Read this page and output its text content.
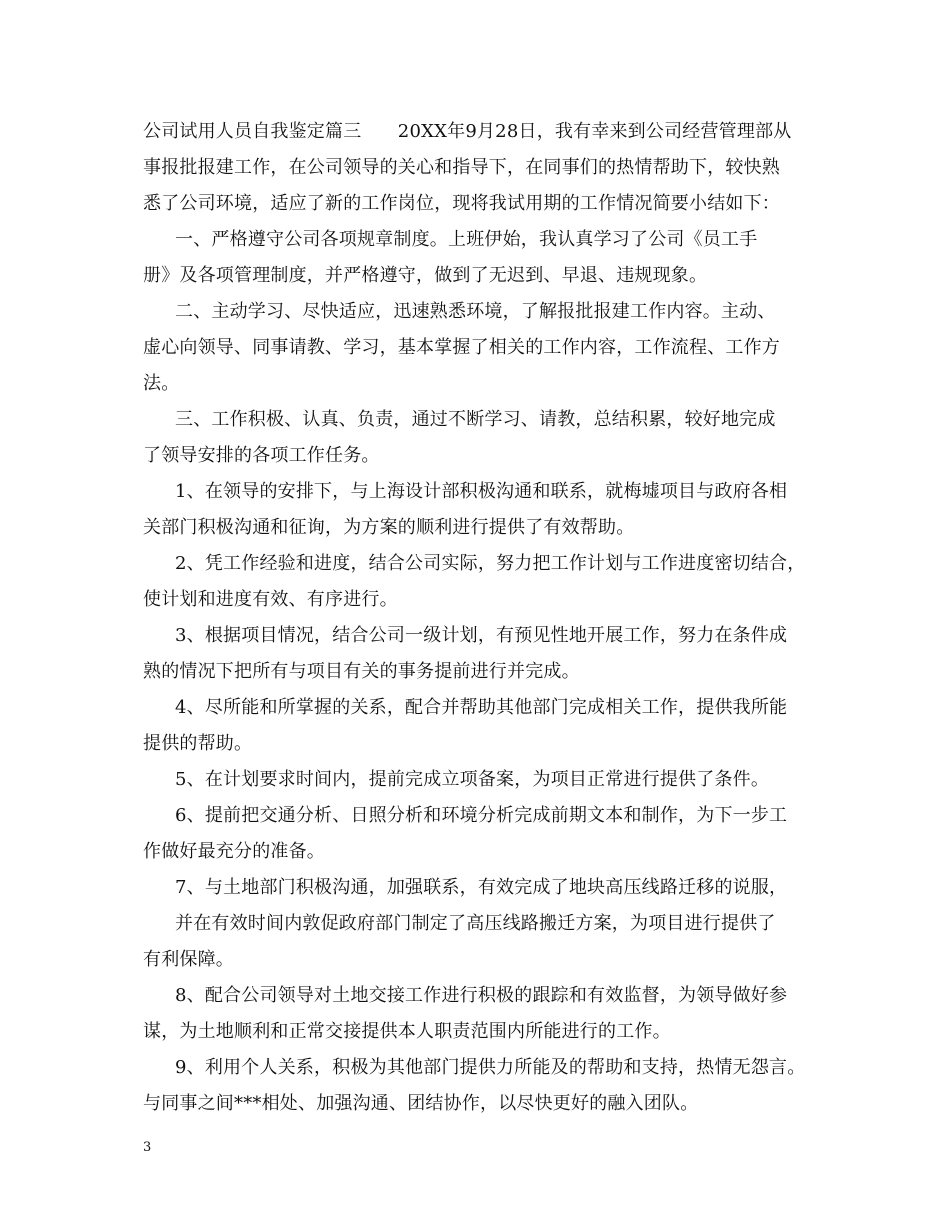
公司试用人员自我鉴定篇三　　20XX年9月28日，我有幸来到公司经营管理部从
事报批报建工作，在公司领导的关心和指导下，在同事们的热情帮助下，较快熟
悉了公司环境，适应了新的工作岗位，现将我试用期的工作情况简要小结如下：
一、严格遵守公司各项规章制度。上班伊始，我认真学习了公司《员工手
册》及各项管理制度，并严格遵守，做到了无迟到、早退、违规现象。
二、主动学习、尽快适应，迅速熟悉环境，了解报批报建工作内容。主动、
虚心向领导、同事请教、学习，基本掌握了相关的工作内容，工作流程、工作方
法。
三、工作积极、认真、负责，通过不断学习、请教，总结积累，较好地完成
了领导安排的各项工作任务。
1、在领导的安排下，与上海设计部积极沟通和联系，就梅墟项目与政府各相
关部门积极沟通和征询，为方案的顺利进行提供了有效帮助。
2、凭工作经验和进度，结合公司实际，努力把工作计划与工作进度密切结合，
使计划和进度有效、有序进行。
3、根据项目情况，结合公司一级计划，有预见性地开展工作，努力在条件成
熟的情况下把所有与项目有关的事务提前进行并完成。
4、尽所能和所掌握的关系，配合并帮助其他部门完成相关工作，提供我所能
提供的帮助。
5、在计划要求时间内，提前完成立项备案，为项目正常进行提供了条件。
6、提前把交通分析、日照分析和环境分析完成前期文本和制作，为下一步工
作做好最充分的准备。
7、与土地部门积极沟通，加强联系，有效完成了地块高压线路迁移的说服，
并在有效时间内敦促政府部门制定了高压线路搬迁方案，为项目进行提供了
有利保障。
8、配合公司领导对土地交接工作进行积极的跟踪和有效监督，为领导做好参
谋，为土地顺利和正常交接提供本人职责范围内所能进行的工作。
9、利用个人关系，积极为其他部门提供力所能及的帮助和支持，热情无怨言。
与同事之间***相处、加强沟通、团结协作，以尽快更好的融入团队。
3
